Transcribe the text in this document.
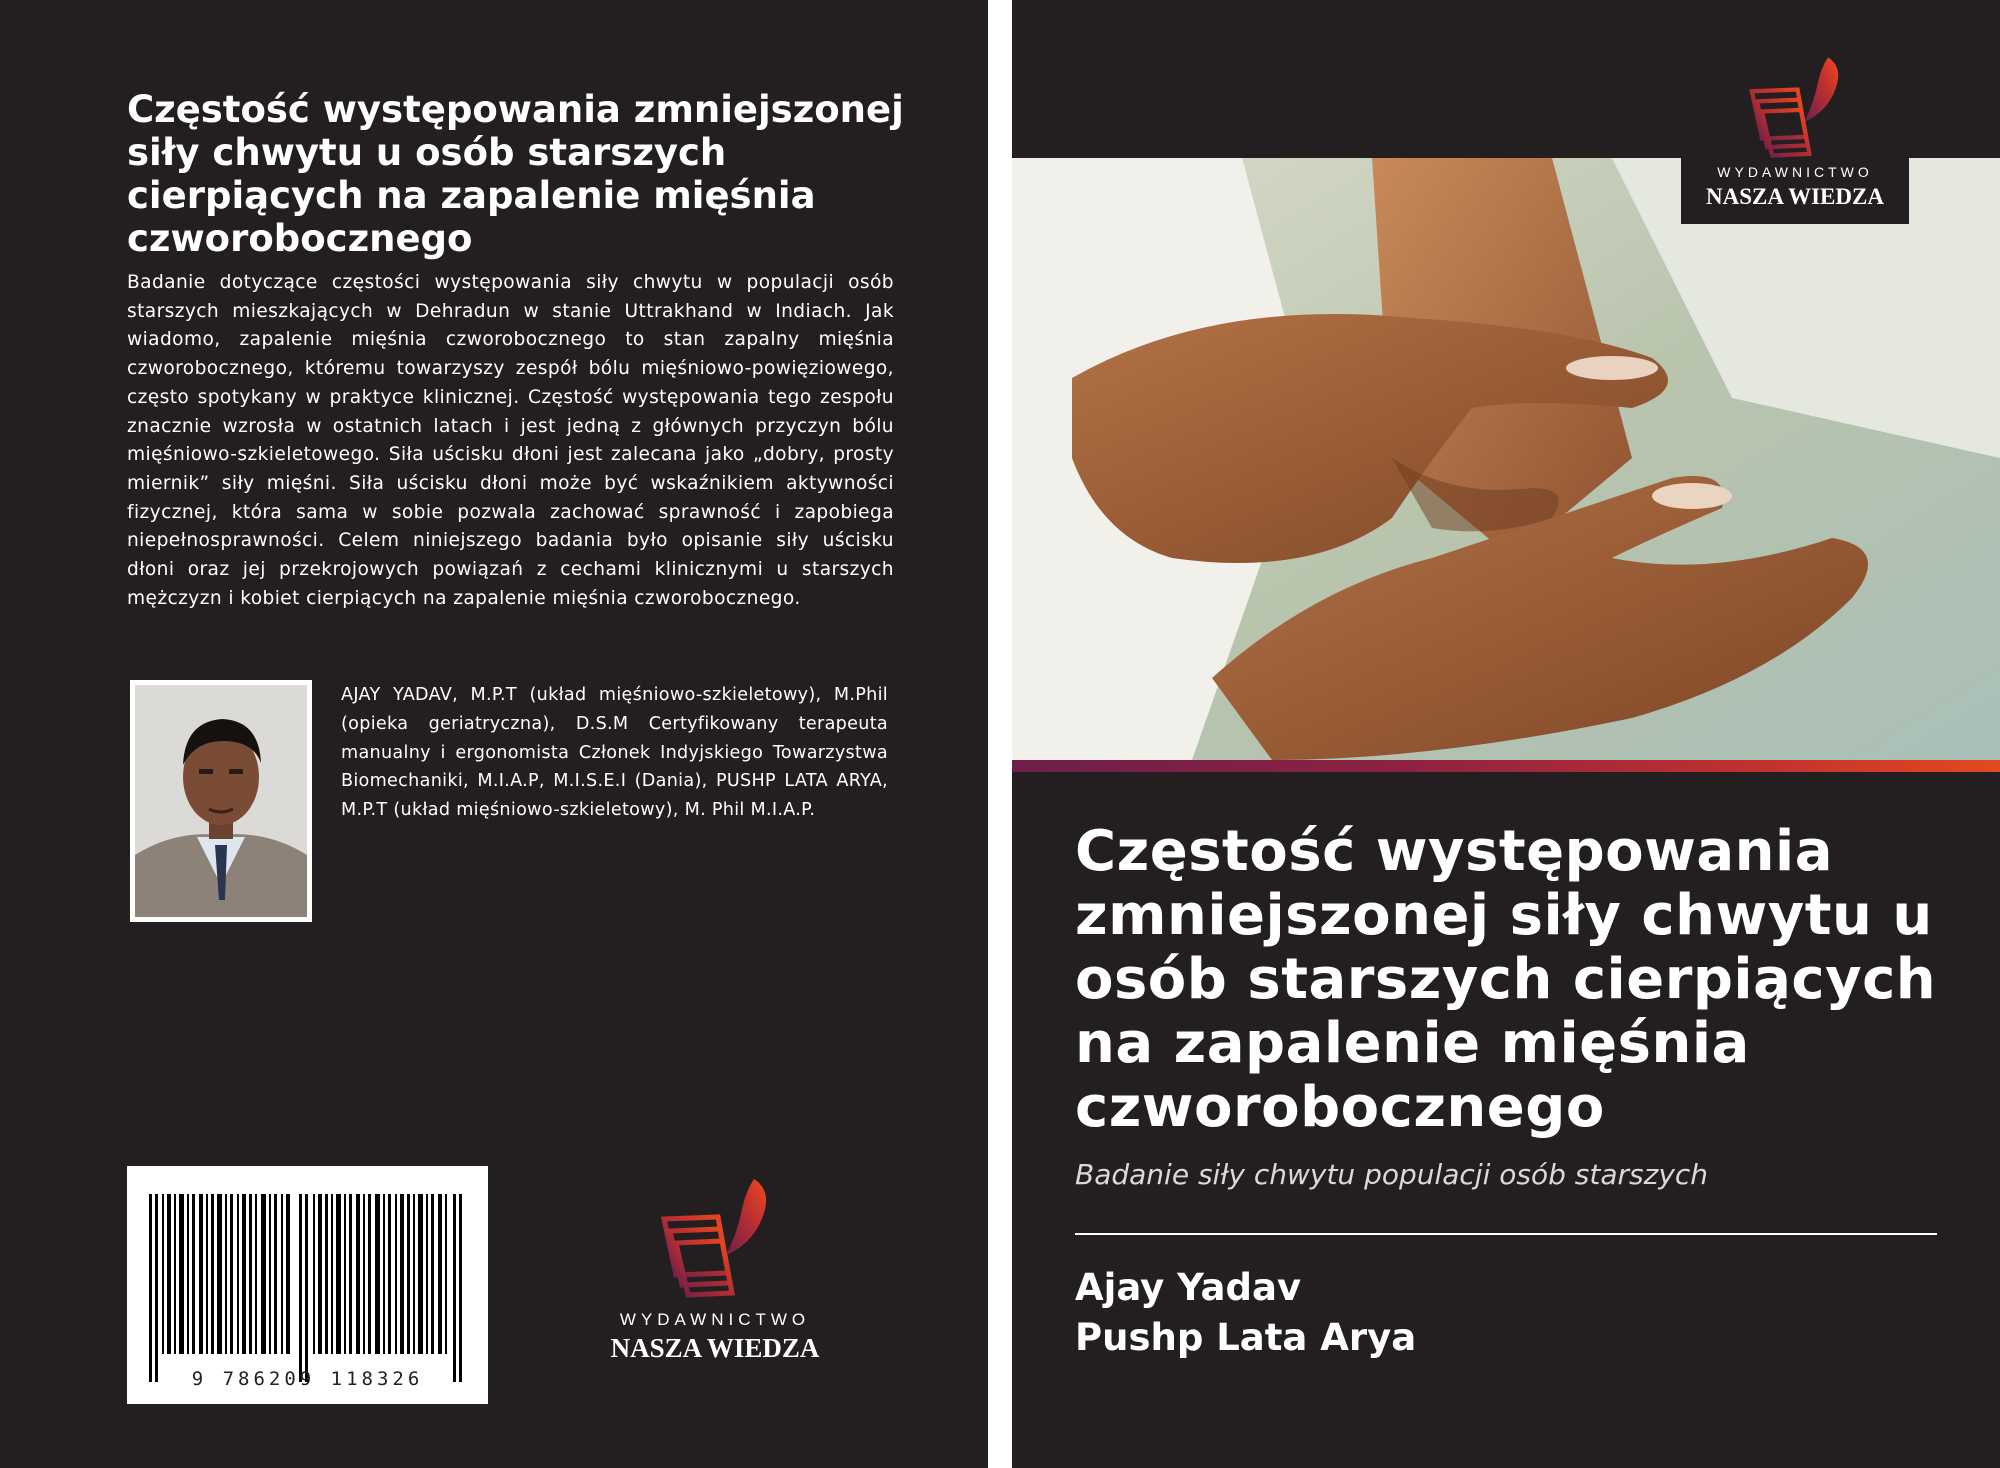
Częstość występowania zmniejszonej siły chwytu u osób starszych cierpiących na zapalenie mięśnia czworobocznego

Badanie dotyczące częstości występowania siły chwytu w populacji osób starszych mieszkających w Dehradun w stanie Uttrakhand w Indiach. Jak wiadomo, zapalenie mięśnia czworobocznego to stan zapalny mięśnia czworobocznego, któremu towarzyszy zespół bólu mięśniowo-powięziowego, często spotykany w praktyce klinicznej. Częstość występowania tego zespołu znacznie wzrosła w ostatnich latach i jest jedną z głównych przyczyn bólu mięśniowo-szkieletowego. Siła uścisku dłoni jest zalecana jako „dobry, prosty miernik” siły mięśni. Siła uścisku dłoni może być wskaźnikiem aktywności fizycznej, która sama w sobie pozwala zachować sprawność i zapobiega niepełnosprawności. Celem niniejszego badania było opisanie siły uścisku dłoni oraz jej przekrojowych powiązań z cechami klinicznymi u starszych mężczyzn i kobiet cierpiących na zapalenie mięśnia czworobocznego.

AJAY YADAV, M.P.T (układ mięśniowo-szkieletowy), M.Phil (opieka geriatryczna), D.S.M Certyfikowany terapeuta manualny i ergonomista Członek Indyjskiego Towarzystwa Biomechaniki, M.I.A.P, M.I.S.E.I (Dania), PUSHP LATA ARYA, M.P.T (układ mięśniowo-szkieletowy), M. Phil M.I.A.P.

9 786209 118326
WYDAWNICTWO
NASZA WIEDZA
WYDAWNICTWO
NASZA WIEDZA
Częstość występowania zmniejszonej siły chwytu u osób starszych cierpiących na zapalenie mięśnia czworobocznego

Badanie siły chwytu populacji osób starszych

Ajay Yadav

Pushp Lata Arya
